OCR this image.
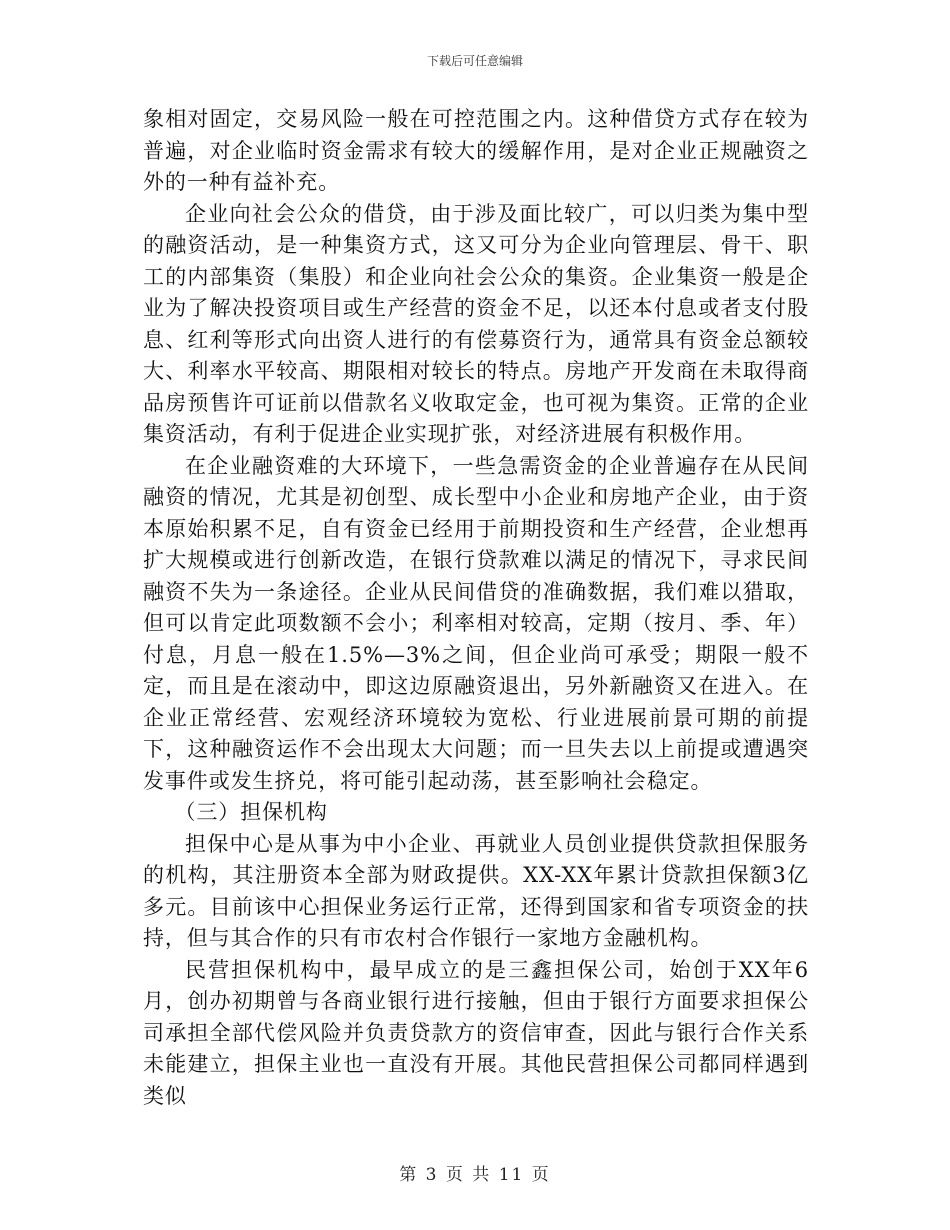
下载后可任意编辑

象相对固定，交易风险一般在可控范围之内。这种借贷方式存在较为普遍，对企业临时资金需求有较大的缓解作用，是对企业正规融资之外的一种有益补充。

企业向社会公众的借贷，由于涉及面比较广，可以归类为集中型的融资活动，是一种集资方式，这又可分为企业向管理层、骨干、职工的内部集资（集股）和企业向社会公众的集资。企业集资一般是企业为了解决投资项目或生产经营的资金不足，以还本付息或者支付股息、红利等形式向出资人进行的有偿募资行为，通常具有资金总额较大、利率水平较高、期限相对较长的特点。房地产开发商在未取得商品房预售许可证前以借款名义收取定金，也可视为集资。正常的企业集资活动，有利于促进企业实现扩张，对经济进展有积极作用。

在企业融资难的大环境下，一些急需资金的企业普遍存在从民间融资的情况，尤其是初创型、成长型中小企业和房地产企业，由于资本原始积累不足，自有资金已经用于前期投资和生产经营，企业想再扩大规模或进行创新改造，在银行贷款难以满足的情况下，寻求民间融资不失为一条途径。企业从民间借贷的准确数据，我们难以猎取，但可以肯定此项数额不会小；利率相对较高，定期（按月、季、年）付息，月息一般在1.5%—3%之间，但企业尚可承受；期限一般不定，而且是在滚动中，即这边原融资退出，另外新融资又在进入。在企业正常经营、宏观经济环境较为宽松、行业进展前景可期的前提下，这种融资运作不会出现太大问题；而一旦失去以上前提或遭遇突发事件或发生挤兑，将可能引起动荡，甚至影响社会稳定。

（三）担保机构

担保中心是从事为中小企业、再就业人员创业提供贷款担保服务的机构，其注册资本全部为财政提供。XX-XX年累计贷款担保额3亿多元。目前该中心担保业务运行正常，还得到国家和省专项资金的扶持，但与其合作的只有市农村合作银行一家地方金融机构。

民营担保机构中，最早成立的是三鑫担保公司，始创于XX年6月，创办初期曾与各商业银行进行接触，但由于银行方面要求担保公司承担全部代偿风险并负责贷款方的资信审查，因此与银行合作关系未能建立，担保主业也一直没有开展。其他民营担保公司都同样遇到类似

第 3 页 共 11 页
